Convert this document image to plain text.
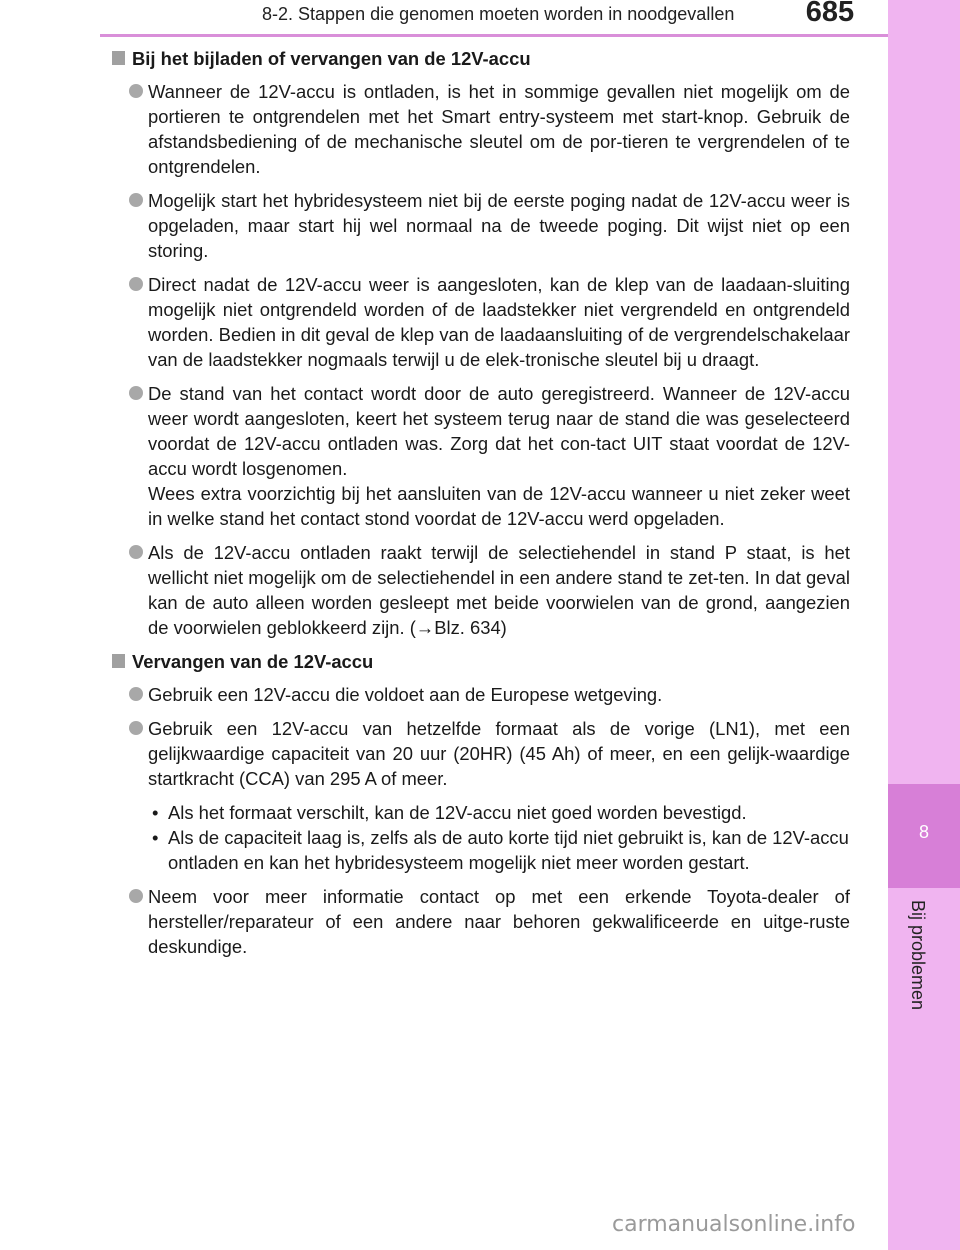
8
Bij problemen
8-2. Stappen die genomen moeten worden in noodgevallen	685
Bij het bijladen of vervangen van de 12V-accu

Wanneer de 12V-accu is ontladen, is het in sommige gevallen niet mogelijk om de portieren te ontgrendelen met het Smart entry-systeem met start-knop. Gebruik de afstandsbediening of de mechanische sleutel om de por-tieren te vergrendelen of te ontgrendelen.

Mogelijk start het hybridesysteem niet bij de eerste poging nadat de 12V-accu weer is opgeladen, maar start hij wel normaal na de tweede poging. Dit wijst niet op een storing.

Direct nadat de 12V-accu weer is aangesloten, kan de klep van de laadaan-sluiting mogelijk niet ontgrendeld worden of de laadstekker niet vergrendeld en ontgrendeld worden. Bedien in dit geval de klep van de laadaansluiting of de vergrendelschakelaar van de laadstekker nogmaals terwijl u de elek-tronische sleutel bij u draagt.

De stand van het contact wordt door de auto geregistreerd. Wanneer de 12V-accu weer wordt aangesloten, keert het systeem terug naar de stand die was geselecteerd voordat de 12V-accu ontladen was. Zorg dat het con-tact UIT staat voordat de 12V-accu wordt losgenomen.

Wees extra voorzichtig bij het aansluiten van de 12V-accu wanneer u niet zeker weet in welke stand het contact stond voordat de 12V-accu werd opgeladen.

Als de 12V-accu ontladen raakt terwijl de selectiehendel in stand P staat, is het wellicht niet mogelijk om de selectiehendel in een andere stand te zet-ten. In dat geval kan de auto alleen worden gesleept met beide voorwielen van de grond, aangezien de voorwielen geblokkeerd zijn. (→Blz. 634)

Vervangen van de 12V-accu

Gebruik een 12V-accu die voldoet aan de Europese wetgeving.

Gebruik een 12V-accu van hetzelfde formaat als de vorige (LN1), met een gelijkwaardige capaciteit van 20 uur (20HR) (45 Ah) of meer, en een gelijk-waardige startkracht (CCA) van 295 A of meer.

• Als het formaat verschilt, kan de 12V-accu niet goed worden bevestigd.
• Als de capaciteit laag is, zelfs als de auto korte tijd niet gebruikt is, kan de 12V-accu ontladen en kan het hybridesysteem mogelijk niet meer worden gestart.

Neem voor meer informatie contact op met een erkende Toyota-dealer of hersteller/reparateur of een andere naar behoren gekwalificeerde en uitge-ruste deskundige.

carmanualsonline.info
